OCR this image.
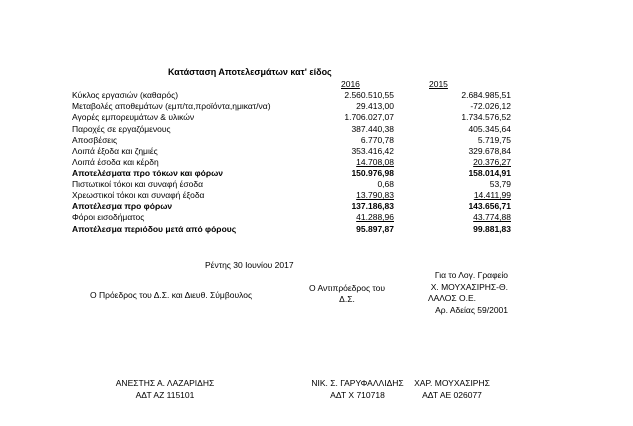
Κατάσταση Αποτελεσμάτων κατ' είδος
2016	2015
Κύκλος εργασιών (καθαρός)	2.560.510,55	2.684.985,51
Μεταβολές αποθεμάτων (εμπ/τα,προϊόντα,ημικατ/να)	29.413,00	-72.026,12
Αγορές εμπορευμάτων & υλικών	1.706.027,07	1.734.576,52
Παροχές σε εργαζόμενους	387.440,38	405.345,64
Αποσβέσεις	6.770,78	5.719,75
Λοιπά έξοδα και ζημιές	353.416,42	329.678,84
Λοιπά έσοδα και κέρδη	14.708,08	20.376,27
Αποτελέσματα προ τόκων και φόρων	150.976,98	158.014,91
Πιστωτικοί τόκοι και συναφή έσοδα	0,68	53,79
Χρεωστικοί τόκοι και συναφή έξοδα	13.790,83	14.411,99
Αποτέλεσμα προ φόρων	137.186,83	143.656,71
Φόροι εισοδήματος	41.288,96	43.774,88
Αποτέλεσμα περιόδου μετά από φόρους	95.897,87	99.881,83
Ρέντης 30 Ιουνίου 2017
Ο Πρόεδρος του Δ.Σ. και Διευθ. Σύμβουλος
Ο Αντιπρόεδρος του
Δ.Σ.
Για το Λογ. Γραφείο
Χ. ΜΟΥΧΑΣΙΡΗΣ-Θ.
ΛΑΛΟΣ Ο.Ε.
Αρ. Αδείας 59/2001
ΑΝΕΣΤΗΣ Α. ΛΑΖΑΡΙΔΗΣ
ΑΔΤ ΑΖ 115101
ΝΙΚ. Σ. ΓΑΡΥΦΑΛΛΙΔΗΣ
ΑΔΤ Χ 710718
ΧΑΡ. ΜΟΥΧΑΣΙΡΗΣ
ΑΔΤ ΑΕ 026077
